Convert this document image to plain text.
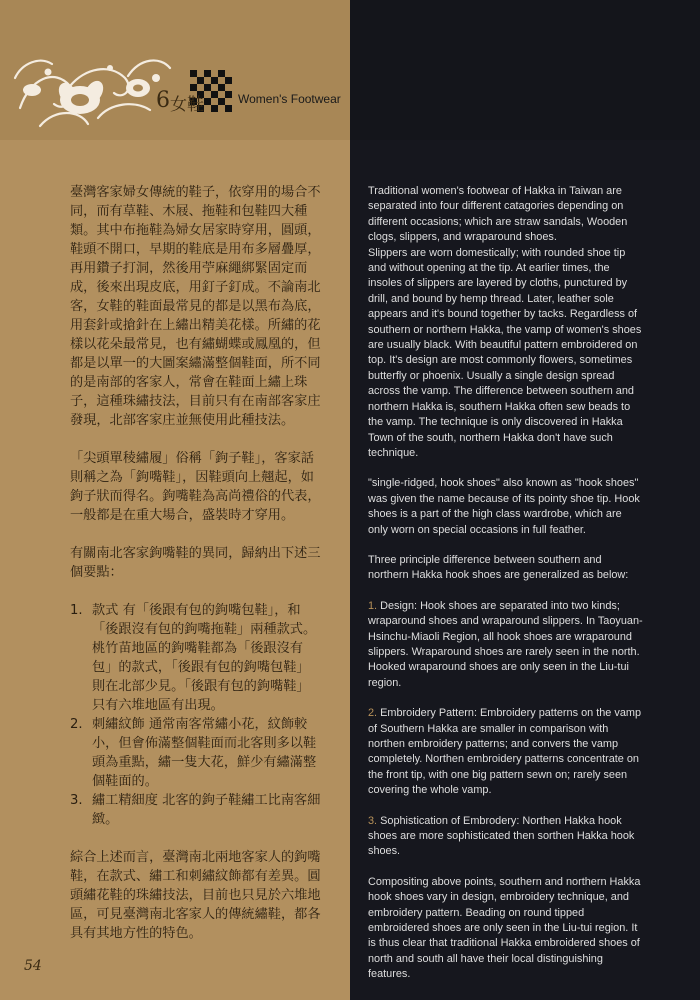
6 女鞋	Women's Footwear

臺灣客家婦女傳統的鞋子，依穿用的場合不同，而有草鞋、木屐、拖鞋和包鞋四大種類。其中布拖鞋為婦女居家時穿用，圓頭，鞋頭不開口，早期的鞋底是用布多層疊厚，再用鑽子打洞，然後用苧麻繩綁緊固定而成，後來出現皮底，用釘子釘成。不論南北客，女鞋的鞋面最常見的都是以黑布為底，用套針或搶針在上繡出精美花樣。所繡的花樣以花朵最常見，也有繡蝴蝶或鳳凰的，但都是以單一的大圖案繡滿整個鞋面，所不同的是南部的客家人，常會在鞋面上繡上珠子，這種珠繡技法，目前只有在南部客家庄發現，北部客家庄並無使用此種技法。

「尖頭單稜繡履」俗稱「鉤子鞋」，客家話則稱之為「鉤嘴鞋」，因鞋頭向上翹起，如鉤子狀而得名。鉤嘴鞋為高尚禮俗的代表，一般都是在重大場合，盛裝時才穿用。

有關南北客家鉤嘴鞋的異同，歸納出下述三個要點：

1. 款式 有「後跟有包的鉤嘴包鞋」，和「後跟沒有包的鉤嘴拖鞋」兩種款式。桃竹苗地區的鉤嘴鞋都為「後跟沒有包」的款式，「後跟有包的鉤嘴包鞋」則在北部少見。「後跟有包的鉤嘴鞋」只有六堆地區有出現。
2. 刺繡紋飾 通常南客常繡小花，紋飾較小，但會佈滿整個鞋面而北客則多以鞋頭為重點，繡一隻大花，鮮少有繡滿整個鞋面的。
3. 繡工精細度 北客的鉤子鞋繡工比南客細緻。

綜合上述而言，臺灣南北兩地客家人的鉤嘴鞋，在款式、繡工和刺繡紋飾都有差異。圓頭繡花鞋的珠繡技法，目前也只見於六堆地區，可見臺灣南北客家人的傳統繡鞋，都各具有其地方性的特色。

Traditional women's footwear of Hakka in Taiwan are separated into four different catagories depending on different occasions; which are straw sandals, Wooden clogs, slippers, and wraparound shoes.

Slippers are worn domestically; with rounded shoe tip and without opening at the tip. At earlier times, the insoles of slippers are layered by cloths, punctured by drill, and bound by hemp thread. Later, leather sole appears and it's bound together by tacks. Regardless of southern or northern Hakka, the vamp of women's shoes are usually black. With beautiful pattern embroidered on top. It's design are most commonly flowers, sometimes butterfly or phoenix. Usually a single design spread across the vamp. The difference between southern and northern Hakka is, southern Hakka often sew beads to the vamp. The technique is only discovered in Hakka Town of the south, northern Hakka don't have such technique.

"single-ridged, hook shoes" also known as "hook shoes" was given the name because of its pointy shoe tip. Hook shoes is a part of the high class wardrobe, which are only worn on special occasions in full feather.

Three principle difference between southern and northern Hakka hook shoes are generalized as below:

1. Design: Hook shoes are separated into two kinds; wraparound shoes and wraparound slippers. In Taoyuan-Hsinchu-Miaoli Region, all hook shoes are wraparound slippers. Wraparound shoes are rarely seen in the north. Hooked wraparound shoes are only seen in the Liu-tui region.

2. Embroidery Pattern: Embroidery patterns on the vamp of Southern Hakka are smaller in comparison with northen embroidery patterns; and convers the vamp completely. Northen embroidery patterns concentrate on the front tip, with one big pattern sewn on; rarely seen covering the whole vamp.

3. Sophistication of Embrodery: Northen Hakka hook shoes are more sophisticated then sorthen Hakka hook shoes.

Compositing above points, southern and northern Hakka hook shoes vary in design, embroidery technique, and embroidery pattern. Beading on round tipped embroidered shoes are only seen in the Liu-tui region. It is thus clear that traditional Hakka embroidered shoes of north and south all have their local distinguishing features.

54
